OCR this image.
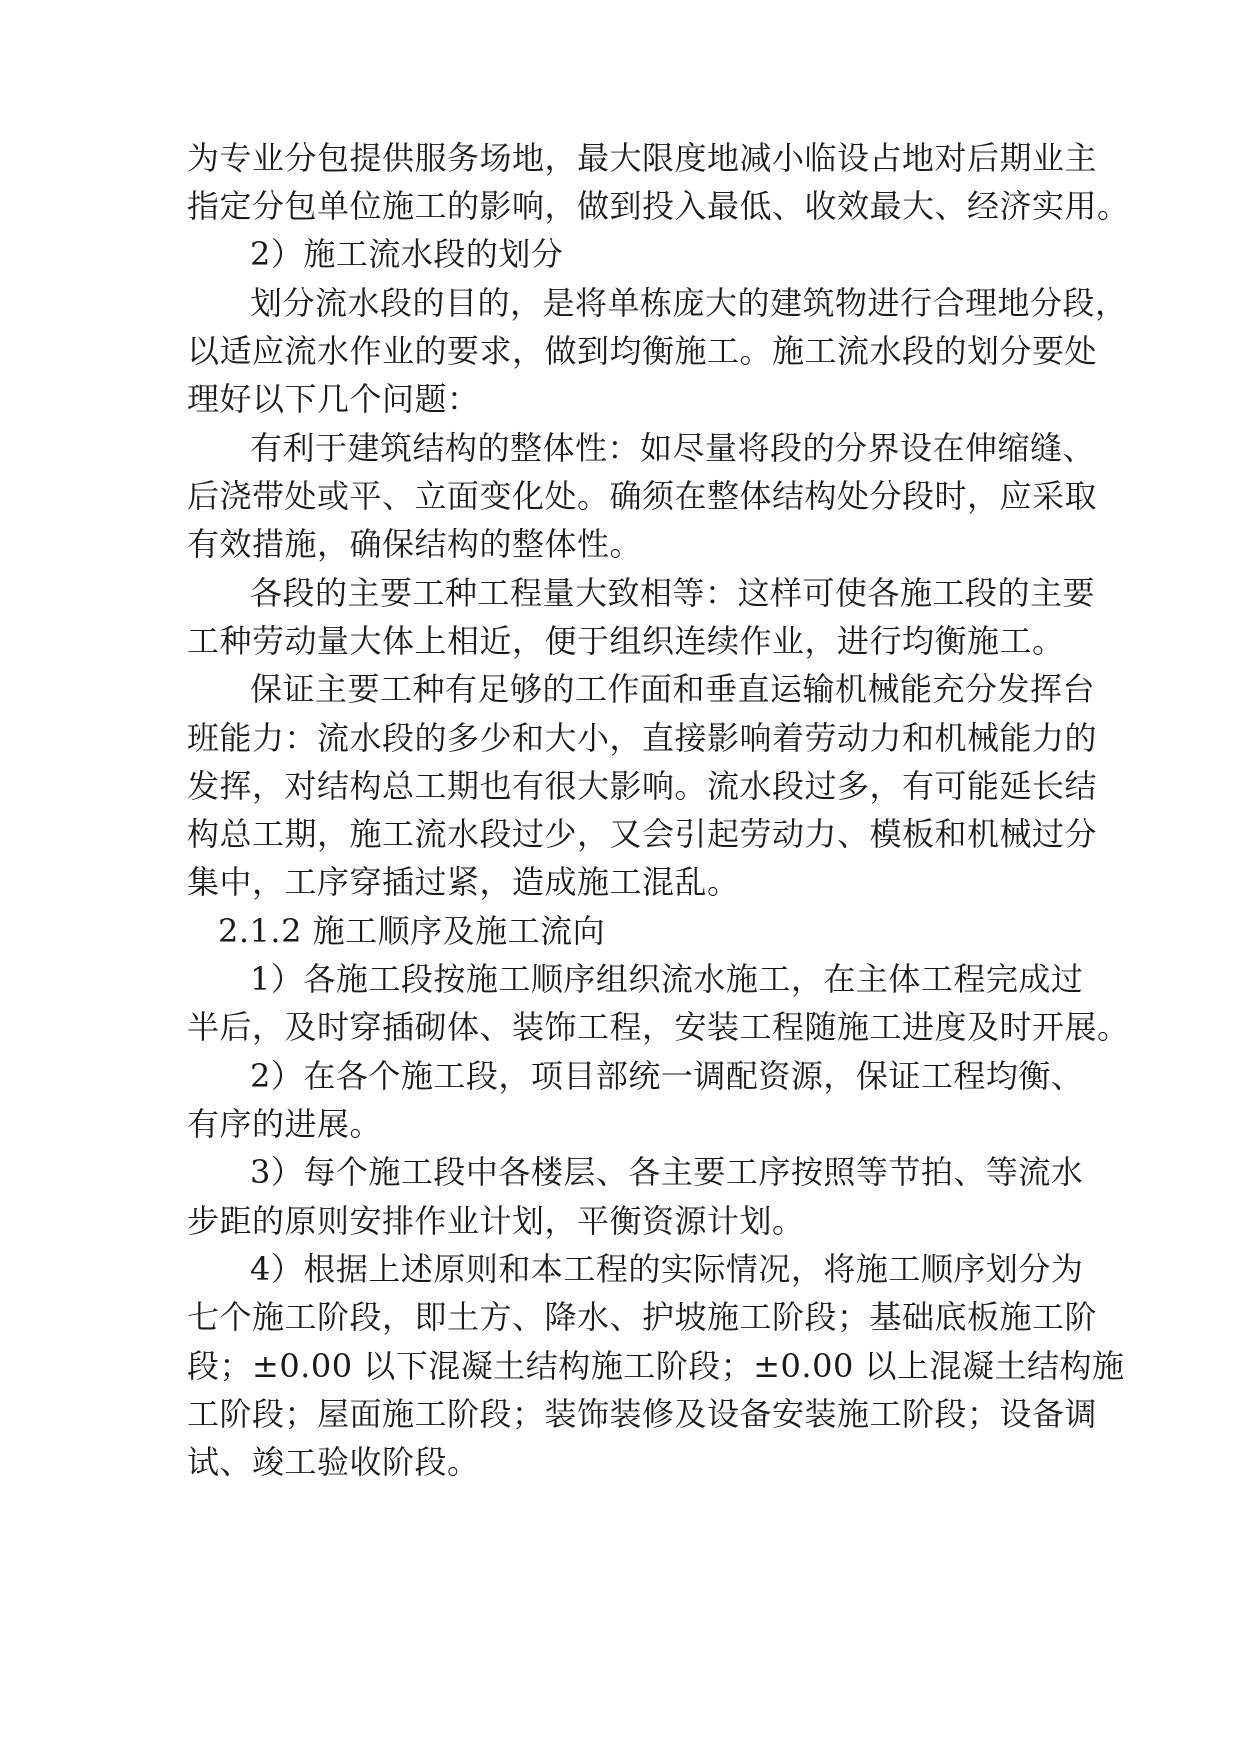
为专业分包提供服务场地，最大限度地减小临设占地对后期业主
指定分包单位施工的影响，做到投入最低、收效最大、经济实用。
2）施工流水段的划分
划分流水段的目的，是将单栋庞大的建筑物进行合理地分段，
以适应流水作业的要求，做到均衡施工。施工流水段的划分要处
理好以下几个问题：
有利于建筑结构的整体性：如尽量将段的分界设在伸缩缝、
后浇带处或平、立面变化处。确须在整体结构处分段时，应采取
有效措施，确保结构的整体性。
各段的主要工种工程量大致相等：这样可使各施工段的主要
工种劳动量大体上相近，便于组织连续作业，进行均衡施工。
保证主要工种有足够的工作面和垂直运输机械能充分发挥台
班能力：流水段的多少和大小，直接影响着劳动力和机械能力的
发挥，对结构总工期也有很大影响。流水段过多，有可能延长结
构总工期，施工流水段过少，又会引起劳动力、模板和机械过分
集中，工序穿插过紧，造成施工混乱。
2.1.2 施工顺序及施工流向
1）各施工段按施工顺序组织流水施工，在主体工程完成过
半后，及时穿插砌体、装饰工程，安装工程随施工进度及时开展。
2）在各个施工段，项目部统一调配资源，保证工程均衡、
有序的进展。
3）每个施工段中各楼层、各主要工序按照等节拍、等流水
步距的原则安排作业计划，平衡资源计划。
4）根据上述原则和本工程的实际情况，将施工顺序划分为
七个施工阶段，即土方、降水、护坡施工阶段；基础底板施工阶
段；±0.00 以下混凝土结构施工阶段；±0.00 以上混凝土结构施
工阶段；屋面施工阶段；装饰装修及设备安装施工阶段；设备调
试、竣工验收阶段。
